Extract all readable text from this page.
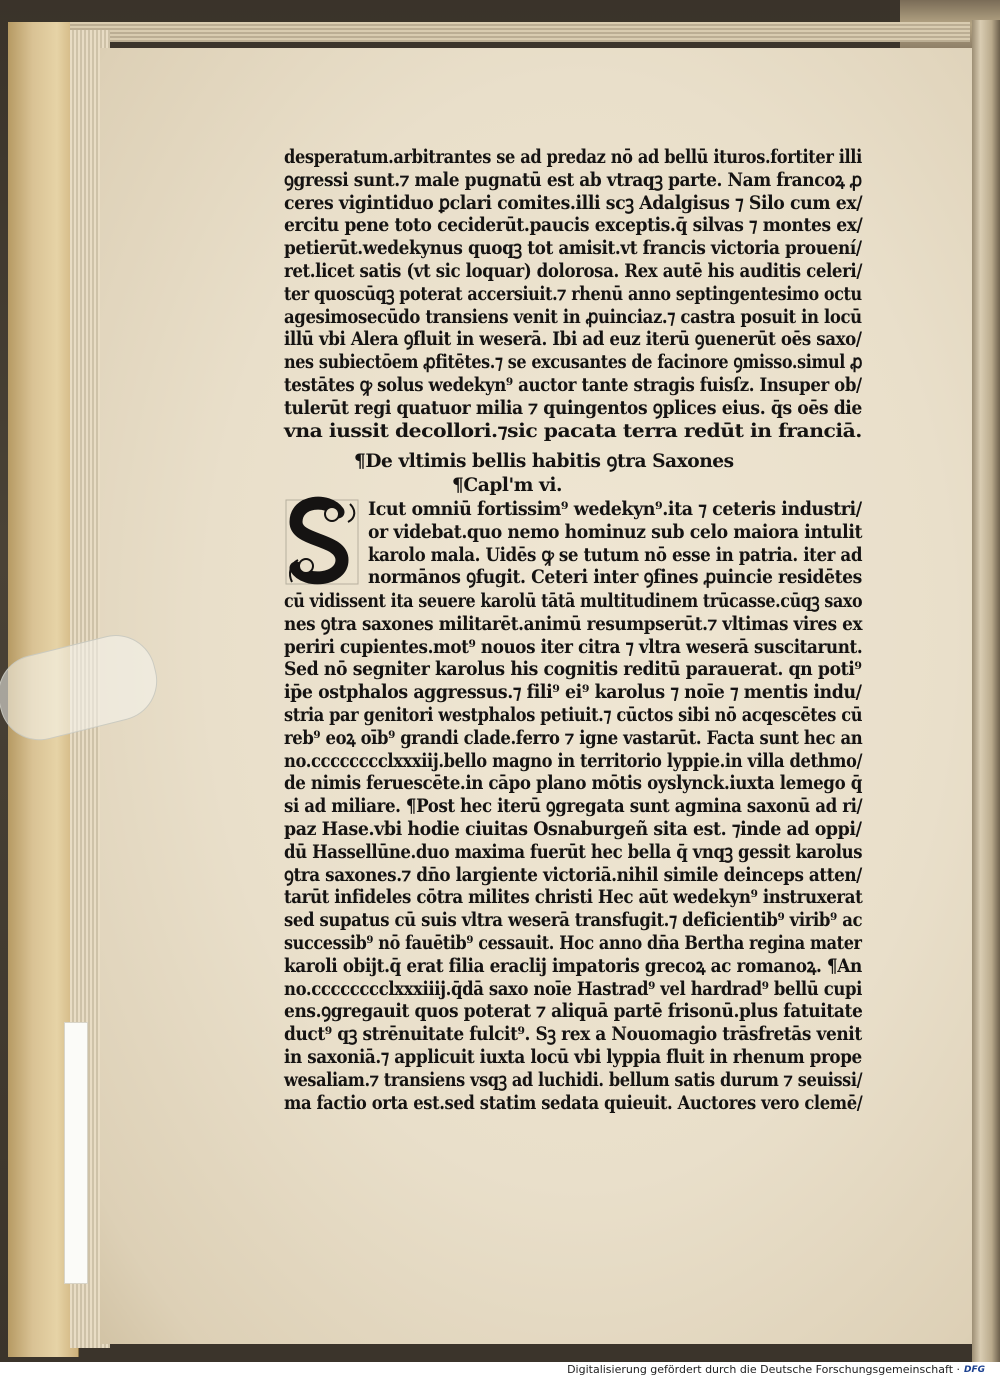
desperatum.arbitrantes se ad predaz nō ad bellū ituros.fortiter illi
ꝯgressi sunt.⁊ male pugnatū est ab vtraqꝫ parte. Nam francoꝝ ꝓ
ceres vigintiduo ꝑclari comites.illi scꝫ Adalgisus ⁊ Silo cum ex/
ercitu pene toto ceciderūt.paucis exceptis.q̄ silvas ⁊ montes ex/
petierūt.wedekynus quoqꝫ tot amisit.vt francis victoria prouení/
ret.licet satis (vt sic loquar) dolorosa. Rex autē his auditis celeri/
ter quoscūqꝫ poterat accersiuit.⁊ rhenū anno septingentesimo octu
agesimosecūdo transiens venit in ꝓuinciaz.⁊ castra posuit in locū
illū vbi Alera ꝯfluit in weserā. Ibi ad euz iterū ꝯuenerūt oēs saxo/
nes subiectōem ꝓfitētes.⁊ se excusantes de facinore ꝯmisso.simul ꝓ
testātes ꝙ solus wedekyn⁹ auctor tante stragis fuisſz. Insuper ob/
tulerūt regi quatuor milia ⁊ quingentos ꝯplices eius. q̄s oēs die
vna iussit decollori.⁊sic pacata terra redūt in franciā.
¶De vltimis bellis habitis ꝯtra Saxones
¶Capl'm vi.
S
Icut omniū fortissim⁹ wedekyn⁹.ita ⁊ ceteris industri/
or videbat.quo nemo hominuz sub celo maiora intulit
karolo mala. Uidēs ꝙ se tutum nō esse in patria. iter ad
normānos ꝯfugit. Ceteri inter ꝯfines ꝓuincie residētes
cū vidissent ita seuere karolū tātā multitudinem trūcasse.cūqꝫ saxo
nes ꝯtra saxones militarēt.animū resumpserūt.⁊ vltimas vires ex
periri cupientes.mot⁹ nouos iter citra ⁊ vltra weserā suscitarunt.
Sed nō segniter karolus his cognitis reditū parauerat. qn poti⁹
ip̄e ostphalos aggressus.⁊ fili⁹ ei⁹ karolus ⁊ noīe ⁊ mentis indu/
stria par genitori westphalos petiuit.⁊ cūctos sibi nō acqescētes cū
reb⁹ eoꝝ oīb⁹ grandi clade.ferro ⁊ igne vastarūt. Facta sunt hec an
no.cccccccclxxxiij.bello magno in territorio lyppie.in villa dethmo/
de nimis feruescēte.in cāpo plano mōtis oyslynck.iuxta lemego q̄
si ad miliare. ¶Post hec iterū ꝯgregata sunt agmina saxonū ad ri/
paz Hase.vbi hodie ciuitas Osnaburgeñ sita est. ⁊inde ad oppi/
dū Hassellūne.duo maxima fuerūt hec bella q̄ vnqꝫ gessit karolus
ꝯtra saxones.⁊ dn̄o largiente victoriā.nihil simile deinceps atten/
tarūt infideles cōtra milites christi Hec aūt wedekyn⁹ instruxerat
sed supatus cū suis vltra weserā transfugit.⁊ deficientib⁹ virib⁹ ac
successib⁹ nō fauētib⁹ cessauit. Hoc anno dn̄a Bertha regina mater
karoli obijt.q̄ erat filia eraclij impatoris grecoꝝ ac romanoꝝ. ¶An
no.cccccccclxxxiiij.q̄dā saxo noīe Hastrad⁹ vel hardrad⁹ bellū cupi
ens.ꝯgregauit quos poterat ⁊ aliquā partē frisonū.plus fatuitate
duct⁹ qꝫ strēnuitate fulcit⁹. Sꝫ rex a Nouomagio trāsfretās venit
in saxoniā.⁊ applicuit iuxta locū vbi lyppia fluit in rhenum prope
wesaliam.⁊ transiens vsqꝫ ad luchidi. bellum satis durum ⁊ seuissi/
ma factio orta est.sed statim sedata quieuit. Auctores vero clemē/
Digitalisierung gefördert durch die Deutsche Forschungsgemeinschaft · DFG
